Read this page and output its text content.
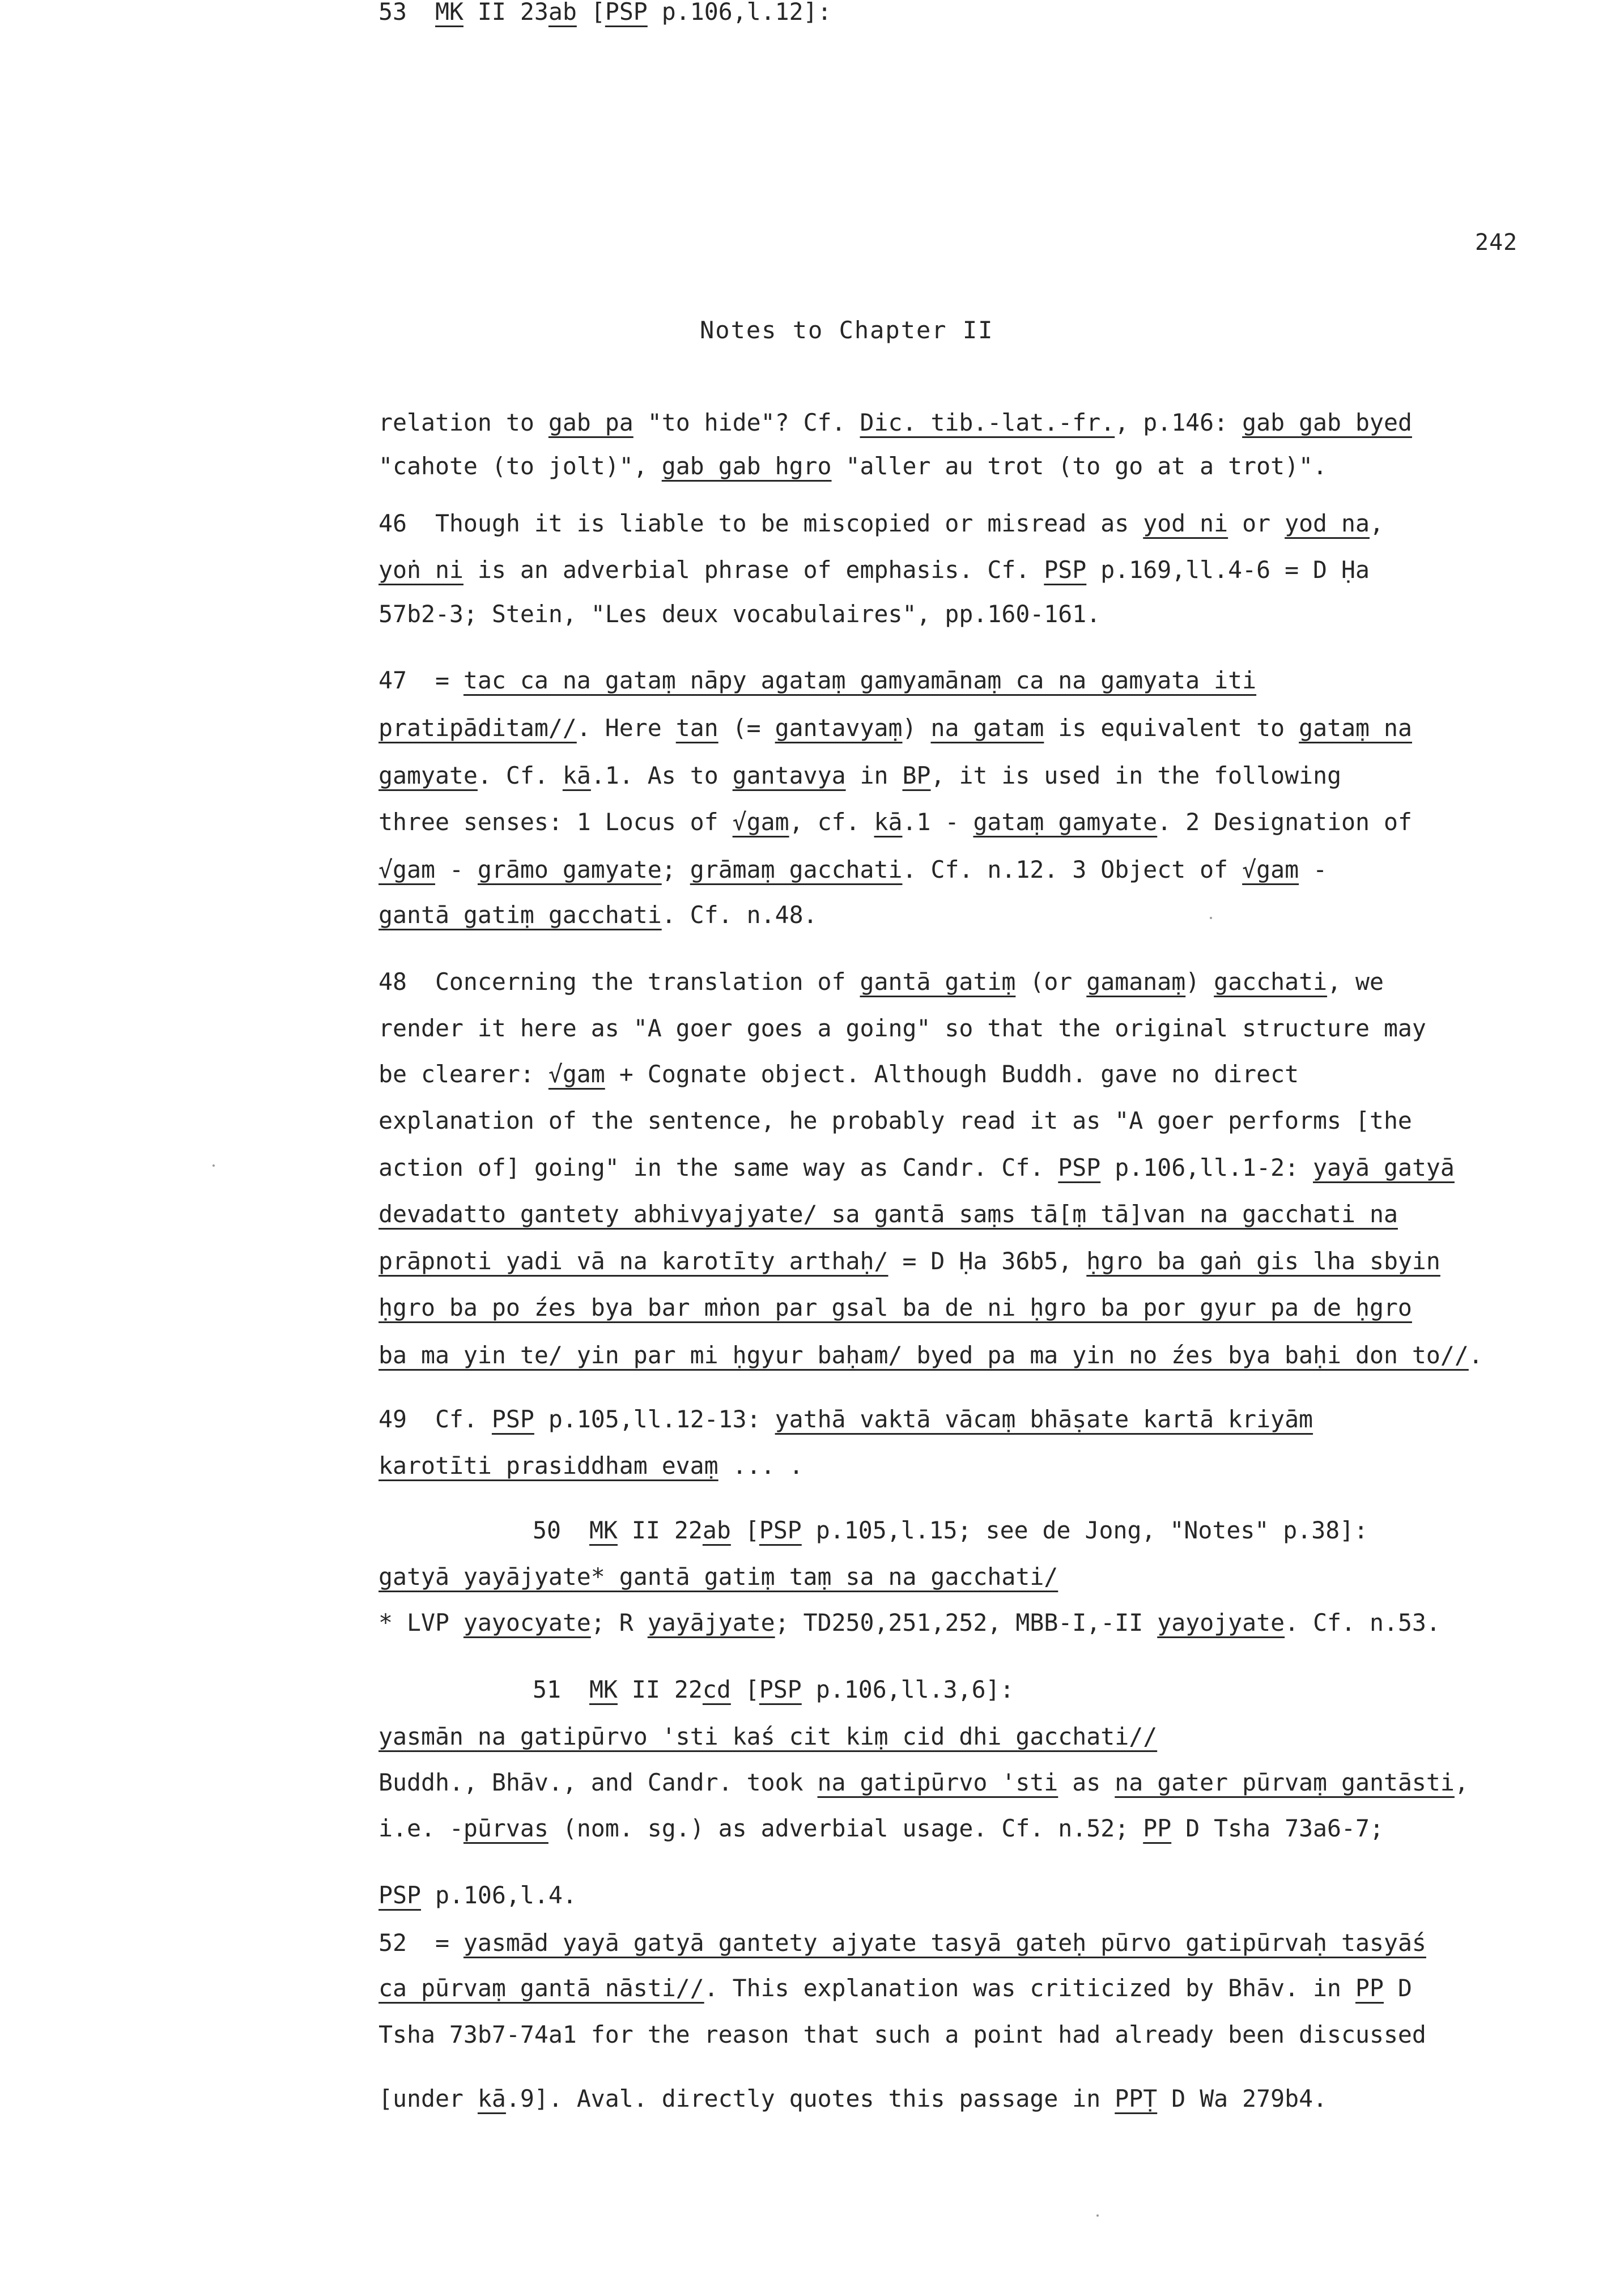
242
Notes to Chapter II
relation to gab pa "to hide"? Cf. Dic. tib.-lat.-fr., p.146: gab gab byed
"cahote (to jolt)", gab gab hgro "aller au trot (to go at a trot)".
46  Though it is liable to be miscopied or misread as yod ni or yod na,
yoṅ ni is an adverbial phrase of emphasis. Cf. PSP p.169,ll.4-6 = D Ḥa
57b2-3; Stein, "Les deux vocabulaires", pp.160-161.
47  = tac ca na gataṃ nāpy agataṃ gamyamānaṃ ca na gamyata iti
pratipāditam//. Here tan (= gantavyaṃ) na gatam is equivalent to gataṃ na
gamyate. Cf. kā.1. As to gantavya in BP, it is used in the following
three senses: 1 Locus of √gam, cf. kā.1 - gataṃ gamyate. 2 Designation of
√gam - grāmo gamyate; grāmaṃ gacchati. Cf. n.12. 3 Object of √gam -
gantā gatiṃ gacchati. Cf. n.48.
48  Concerning the translation of gantā gatiṃ (or gamanaṃ) gacchati, we
render it here as "A goer goes a going" so that the original structure may
be clearer: √gam + Cognate object. Although Buddh. gave no direct
explanation of the sentence, he probably read it as "A goer performs [the
action of] going" in the same way as Candr. Cf. PSP p.106,ll.1-2: yayā gatyā
devadatto gantety abhivyajyate/ sa gantā saṃs tā[ṃ tā]van na gacchati na
prāpnoti yadi vā na karotīty arthaḥ/ = D Ḥa 36b5, ḥgro ba gaṅ gis lha sbyin
ḥgro ba po źes bya bar mṅon par gsal ba de ni ḥgro ba por gyur pa de ḥgro
ba ma yin te/ yin par mi ḥgyur baḥam/ byed pa ma yin no źes bya baḥi don to//.
49  Cf. PSP p.105,ll.12-13: yathā vaktā vācaṃ bhāṣate kartā kriyām
karotīti prasiddham evaṃ ... .
50  MK II 22ab [PSP p.105,l.15; see de Jong, "Notes" p.38]:
gatyā yayājyate* gantā gatiṃ taṃ sa na gacchati/
* LVP yayocyate; R yayājyate; TD250,251,252, MBB-I,-II yayojyate. Cf. n.53.
51  MK II 22cd [PSP p.106,ll.3,6]:
yasmān na gatipūrvo 'sti kaś cit kiṃ cid dhi gacchati//
Buddh., Bhāv., and Candr. took na gatipūrvo 'sti as na gater pūrvaṃ gantāsti,
i.e. -pūrvas (nom. sg.) as adverbial usage. Cf. n.52; PP D Tsha 73a6-7;
PSP p.106,l.4.
52  = yasmād yayā gatyā gantety ajyate tasyā gateḥ pūrvo gatipūrvaḥ tasyāś
ca pūrvaṃ gantā nāsti//. This explanation was criticized by Bhāv. in PP D
Tsha 73b7-74a1 for the reason that such a point had already been discussed
[under kā.9]. Aval. directly quotes this passage in PPṬ D Wa 279b4.
53  MK II 23ab [PSP p.106,l.12]:
